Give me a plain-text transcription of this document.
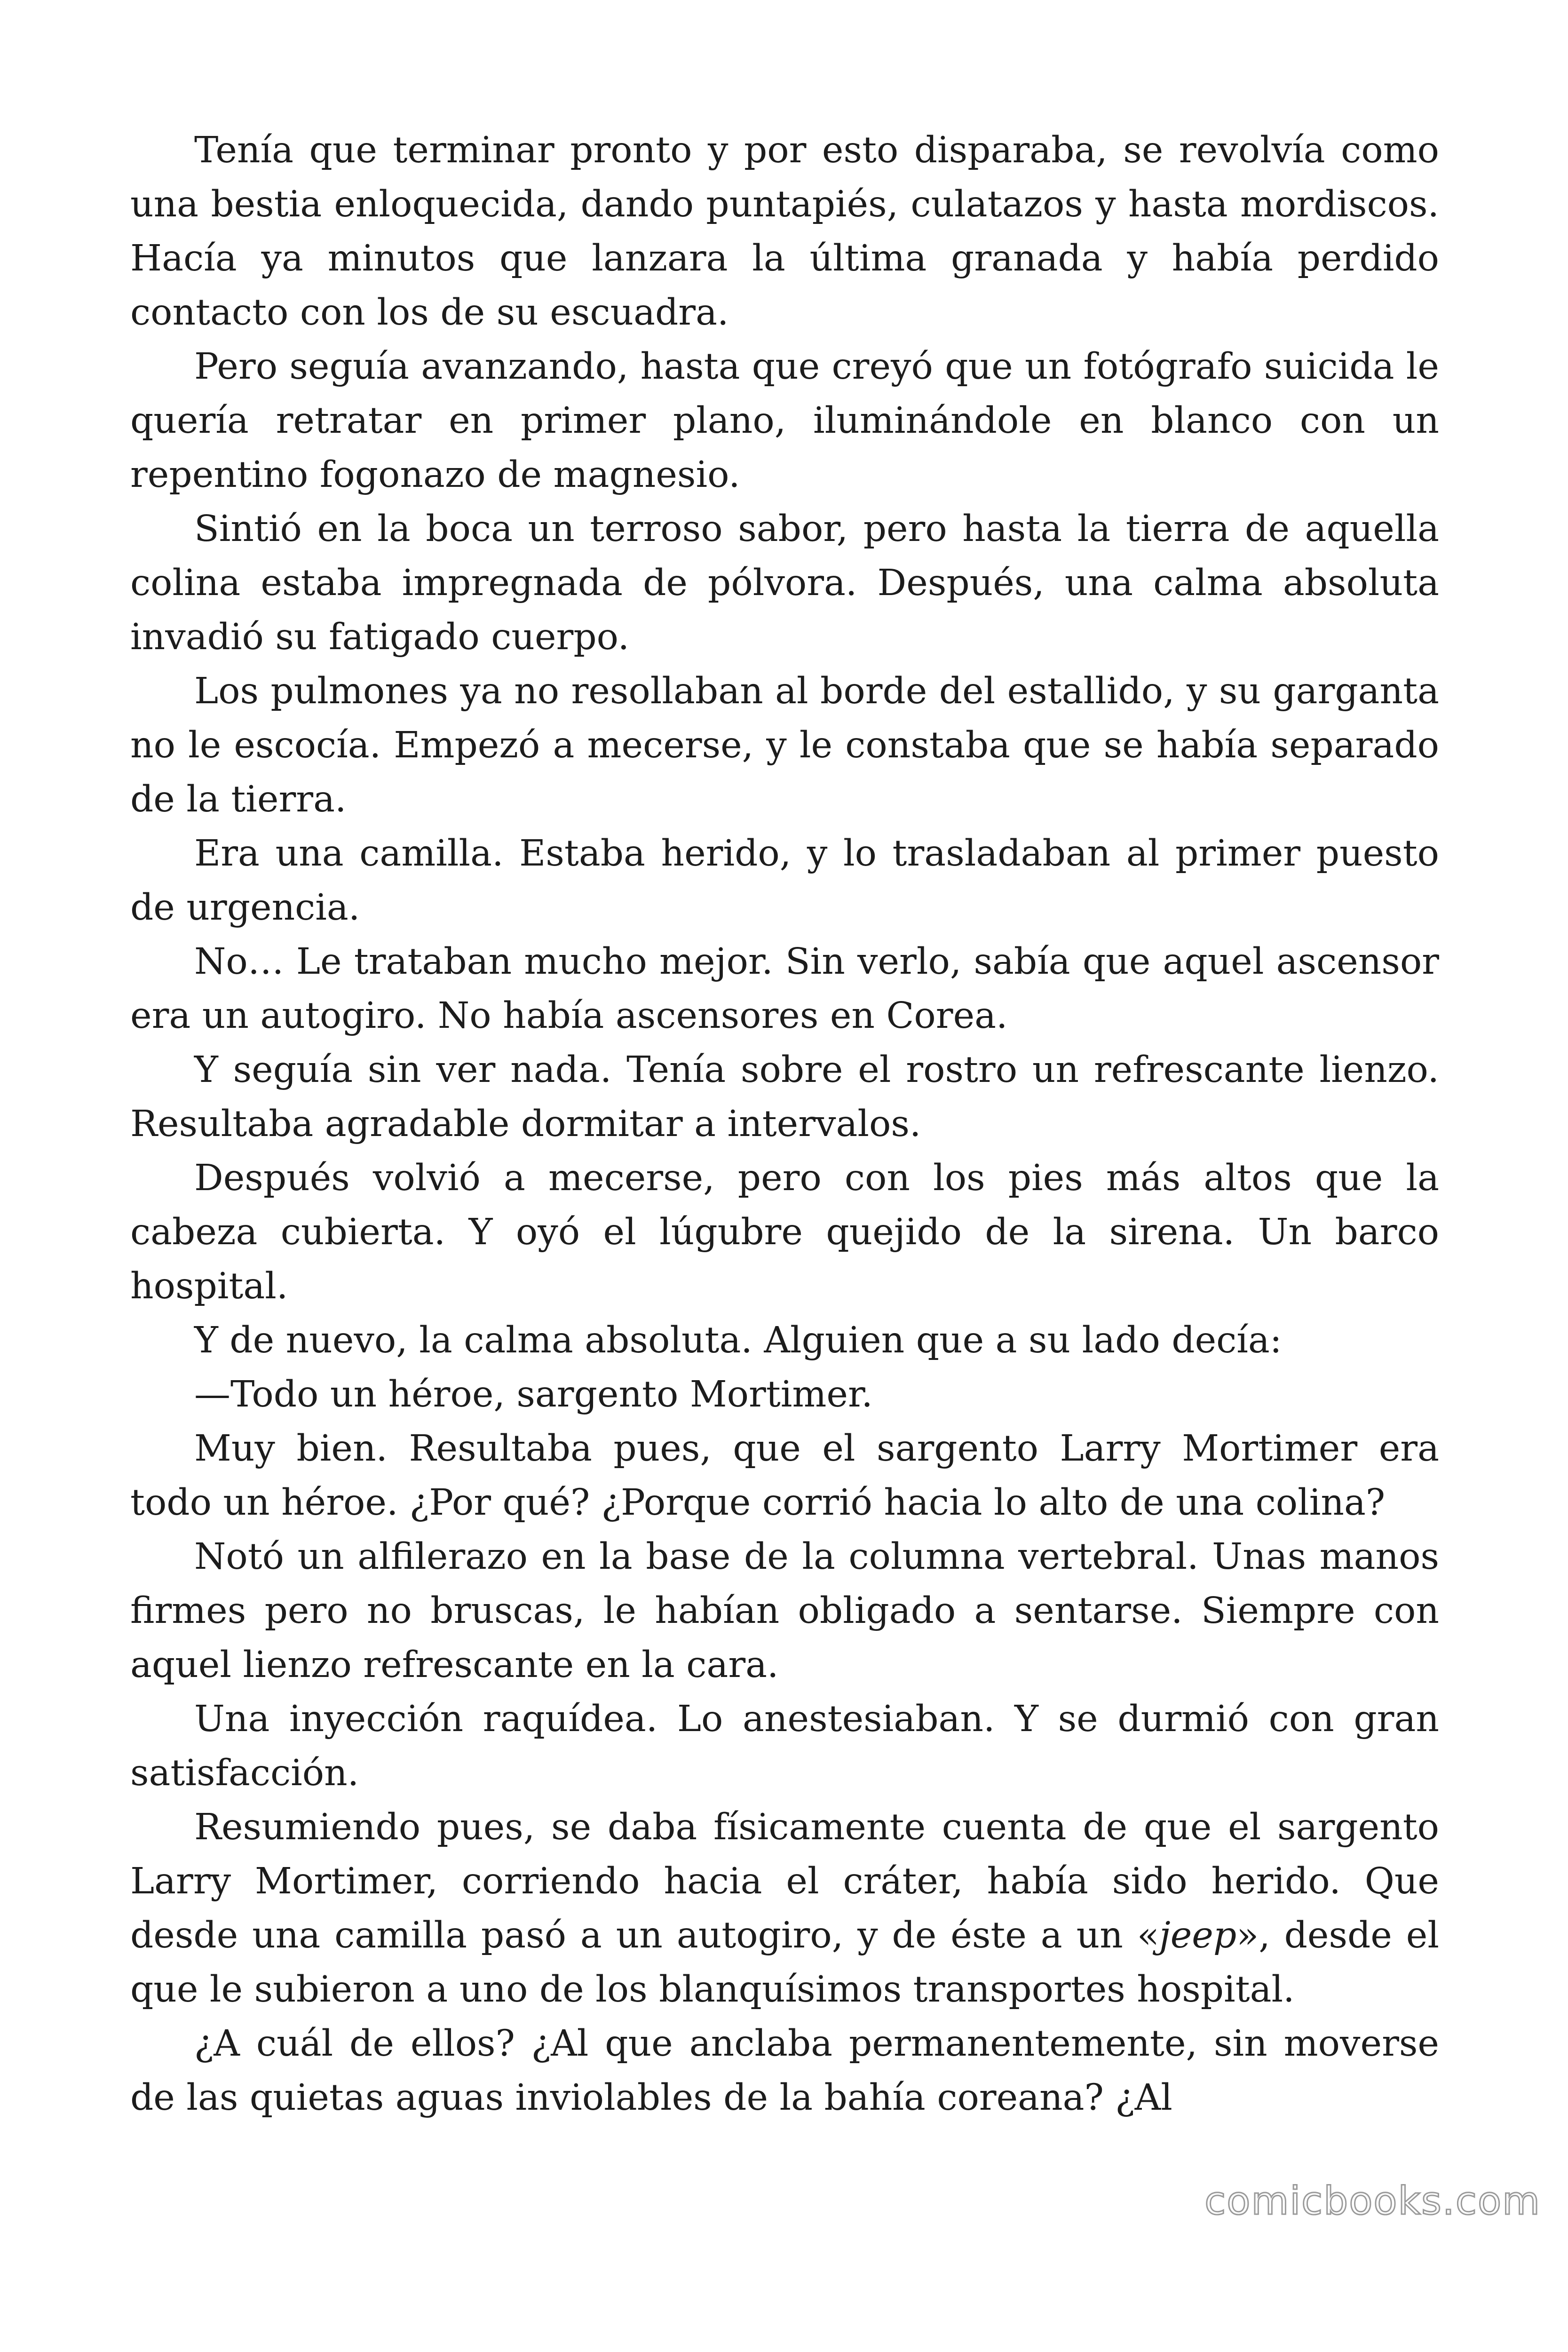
Tenía que terminar pronto y por esto disparaba, se revolvía como una bestia enloquecida, dando puntapiés, culatazos y hasta mordiscos. Hacía ya minutos que lanzara la última granada y había perdido contacto con los de su escuadra.

Pero seguía avanzando, hasta que creyó que un fotógrafo suicida le quería retratar en primer plano, iluminándole en blanco con un repentino fogonazo de magnesio.

Sintió en la boca un terroso sabor, pero hasta la tierra de aquella colina estaba impregnada de pólvora. Después, una calma absoluta invadió su fatigado cuerpo.

Los pulmones ya no resollaban al borde del estallido, y su garganta no le escocía. Empezó a mecerse, y le constaba que se había separado de la tierra.

Era una camilla. Estaba herido, y lo trasladaban al primer puesto de urgencia.

No… Le trataban mucho mejor. Sin verlo, sabía que aquel ascensor era un autogiro. No había ascensores en Corea.

Y seguía sin ver nada. Tenía sobre el rostro un refrescante lienzo. Resultaba agradable dormitar a intervalos.

Después volvió a mecerse, pero con los pies más altos que la cabeza cubierta. Y oyó el lúgubre quejido de la sirena. Un barco hospital.

Y de nuevo, la calma absoluta. Alguien que a su lado decía:

—Todo un héroe, sargento Mortimer.

Muy bien. Resultaba pues, que el sargento Larry Mortimer era todo un héroe. ¿Por qué? ¿Porque corrió hacia lo alto de una colina?

Notó un alfilerazo en la base de la columna vertebral. Unas manos firmes pero no bruscas, le habían obligado a sentarse. Siempre con aquel lienzo refrescante en la cara.

Una inyección raquídea. Lo anestesiaban. Y se durmió con gran satisfacción.

Resumiendo pues, se daba físicamente cuenta de que el sargento Larry Mortimer, corriendo hacia el cráter, había sido herido. Que desde una camilla pasó a un autogiro, y de éste a un «jeep», desde el que le subieron a uno de los blanquísimos transportes hospital.

¿A cuál de ellos? ¿Al que anclaba permanentemente, sin moverse de las quietas aguas inviolables de la bahía coreana? ¿Al

comicbooks.com
